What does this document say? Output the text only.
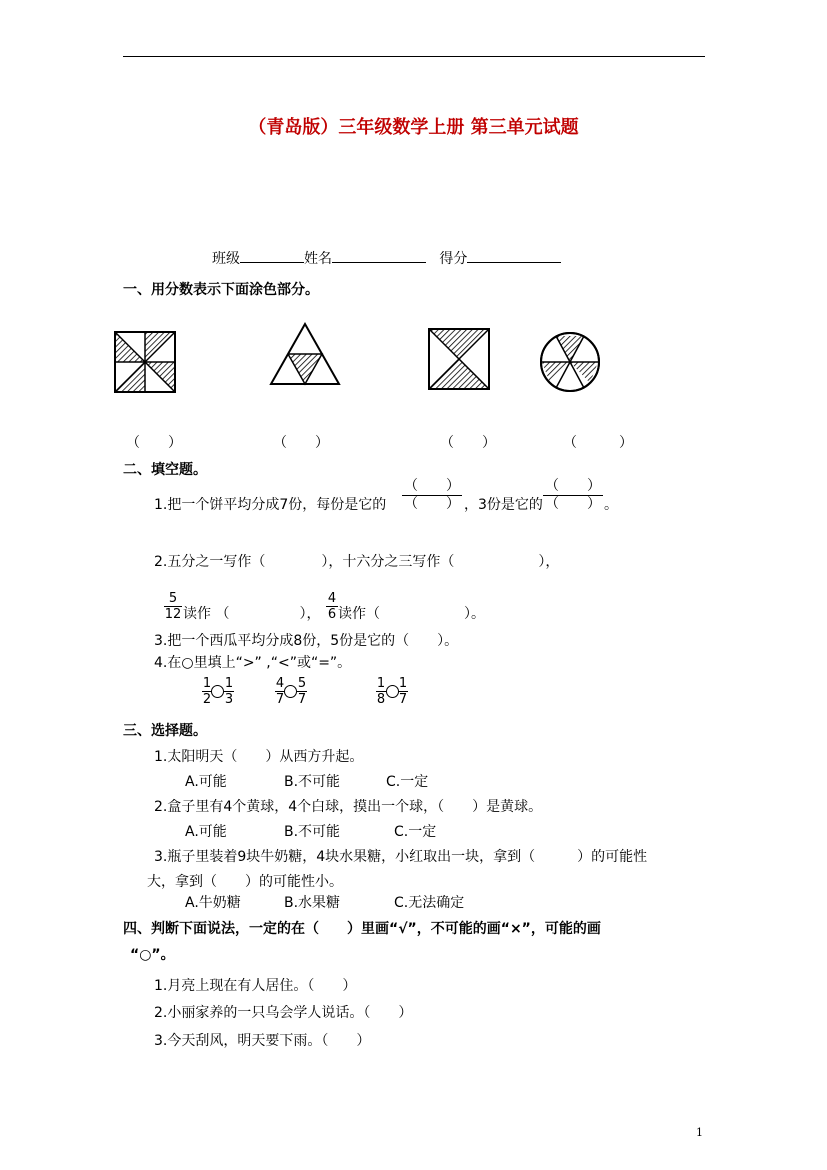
（青岛版）三年级数学上册 第三单元试题
班级	姓名	得分
一、用分数表示下面涂色部分。
（　　）	（　　）	（　　）	（　　　）
二、填空题。
1.把一个饼平均分成7份，每份是它的
（　　）
（　　） ，3份是它的
（　　）
（　　） 。
2.五分之一写作（　　　　），十六分之三写作（　　　　　　），
5
12 读作 （　　　　　），
4
6 读作（　　　　　　）。
3.把一个西瓜平均分成8份，5份是它的（　　）。
4.在○里填上“>” ,“<”或“=”。
1
2
1
3
4
7
5
7
1
8
1
7
三、选择题。
1.太阳明天（　　）从西方升起。
A.可能	B.不可能	C.一定
2.盒子里有4个黄球，4个白球，摸出一个球，（　　）是黄球。
A.可能	B.不可能	C.一定
3.瓶子里装着9块牛奶糖，4块水果糖，小红取出一块，拿到（　　　）的可能性
大，拿到（　　）的可能性小。
A.牛奶糖	B.水果糖	C.无法确定
四、判断下面说法，一定的在（　　）里画“√”，不可能的画“×”，可能的画
“○”。
1.月亮上现在有人居住。（　　）
2.小丽家养的一只乌会学人说话。（　　）
3.今天刮风，明天要下雨。（　　）
1
